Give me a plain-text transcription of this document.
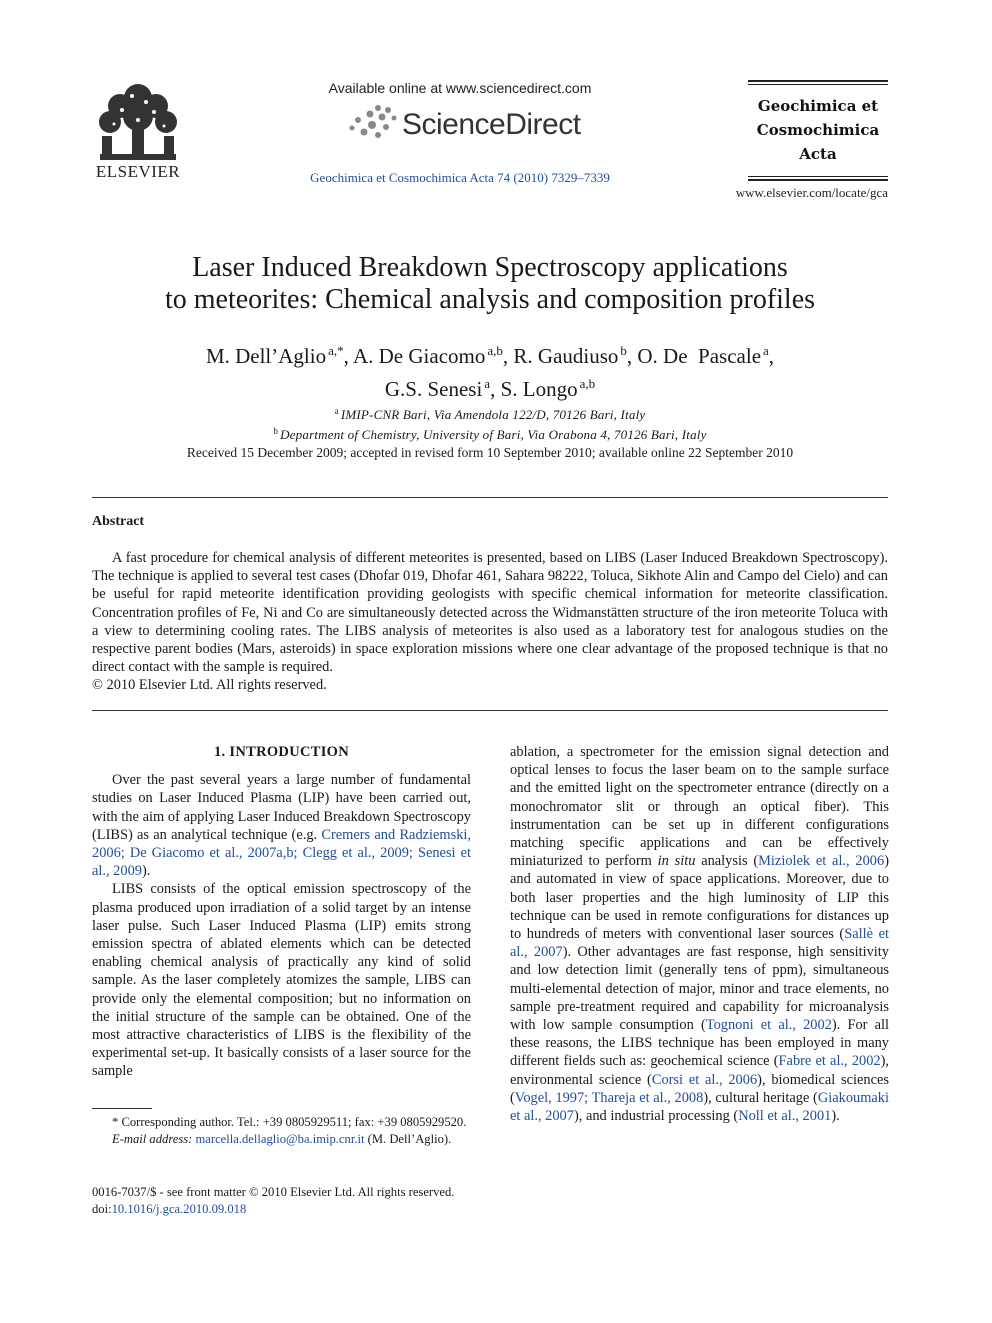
ELSEVIER
Available online at www.sciencedirect.com
ScienceDirect
Geochimica et Cosmochimica Acta 74 (2010) 7329–7339
Geochimica et
Cosmochimica
Acta
www.elsevier.com/locate/gca
Laser Induced Breakdown Spectroscopy applications
to meteorites: Chemical analysis and composition profiles
M. Dell’Aglio $^{a,*}$, A. De Giacomo $^{a,b}$, R. Gaudiuso $^b$, O. De  Pascale $^a$,
G.S. Senesi $^a$, S. Longo $^{a,b}$
$^a$ IMIP-CNR Bari, Via Amendola 122/D, 70126 Bari, Italy
$^b$ Department of Chemistry, University of Bari, Via Orabona 4, 70126 Bari, Italy
Received 15 December 2009; accepted in revised form 10 September 2010; available online 22 September 2010
Abstract

A fast procedure for chemical analysis of different meteorites is presented, based on LIBS (Laser Induced Breakdown Spectroscopy). The technique is applied to several test cases (Dhofar 019, Dhofar 461, Sahara 98222, Toluca, Sikhote Alin and Campo del Cielo) and can be useful for rapid meteorite identification providing geologists with specific chemical information for meteorite classification. Concentration profiles of Fe, Ni and Co are simultaneously detected across the Widmanstätten structure of the iron meteorite Toluca with a view to determining cooling rates. The LIBS analysis of meteorites is also used as a laboratory test for analogous studies on the respective parent bodies (Mars, asteroids) in space exploration missions where one clear advantage of the proposed technique is that no direct contact with the sample is required.

© 2010 Elsevier Ltd. All rights reserved.

1. INTRODUCTION

Over the past several years a large number of fundamental studies on Laser Induced Plasma (LIP) have been carried out, with the aim of applying Laser Induced Breakdown Spectroscopy (LIBS) as an analytical technique (e.g. Cremers and Radziemski, 2006; De Giacomo et al., 2007a,b; Clegg et al., 2009; Senesi et al., 2009).

LIBS consists of the optical emission spectroscopy of the plasma produced upon irradiation of a solid target by an intense laser pulse. Such Laser Induced Plasma (LIP) emits strong emission spectra of ablated elements which can be detected enabling chemical analysis of practically any kind of solid sample. As the laser completely atomizes the sample, LIBS can provide only the elemental composition; but no information on the initial structure of the sample can be obtained. One of the most attractive characteristics of LIBS is the flexibility of the experimental set-up. It basically consists of a laser source for the sample

ablation, a spectrometer for the emission signal detection and optical lenses to focus the laser beam on to the sample surface and the emitted light on the spectrometer entrance (directly on a monochromator slit or through an optical fiber). This instrumentation can be set up in different configurations matching specific applications and can be effectively miniaturized to perform in situ analysis (Miziolek et al., 2006) and automated in view of space applications. Moreover, due to both laser properties and the high luminosity of LIP this technique can be used in remote configurations for distances up to hundreds of meters with conventional laser sources (Sallè et al., 2007). Other advantages are fast response, high sensitivity and low detection limit (generally tens of ppm), simultaneous multi-elemental detection of major, minor and trace elements, no sample pre-treatment required and capability for microanalysis with low sample consumption (Tognoni et al., 2002). For all these reasons, the LIBS technique has been employed in many different fields such as: geochemical science (Fabre et al., 2002), environmental science (Corsi et al., 2006), biomedical sciences (Vogel, 1997; Thareja et al., 2008), cultural heritage (Giakoumaki et al., 2007), and industrial processing (Noll et al., 2001).

* Corresponding author. Tel.: +39 0805929511; fax: +39 0805929520.
E-mail address: marcella.dellaglio@ba.imip.cnr.it (M. Dell’Aglio).
0016-7037/$ - see front matter © 2010 Elsevier Ltd. All rights reserved.
doi:10.1016/j.gca.2010.09.018
